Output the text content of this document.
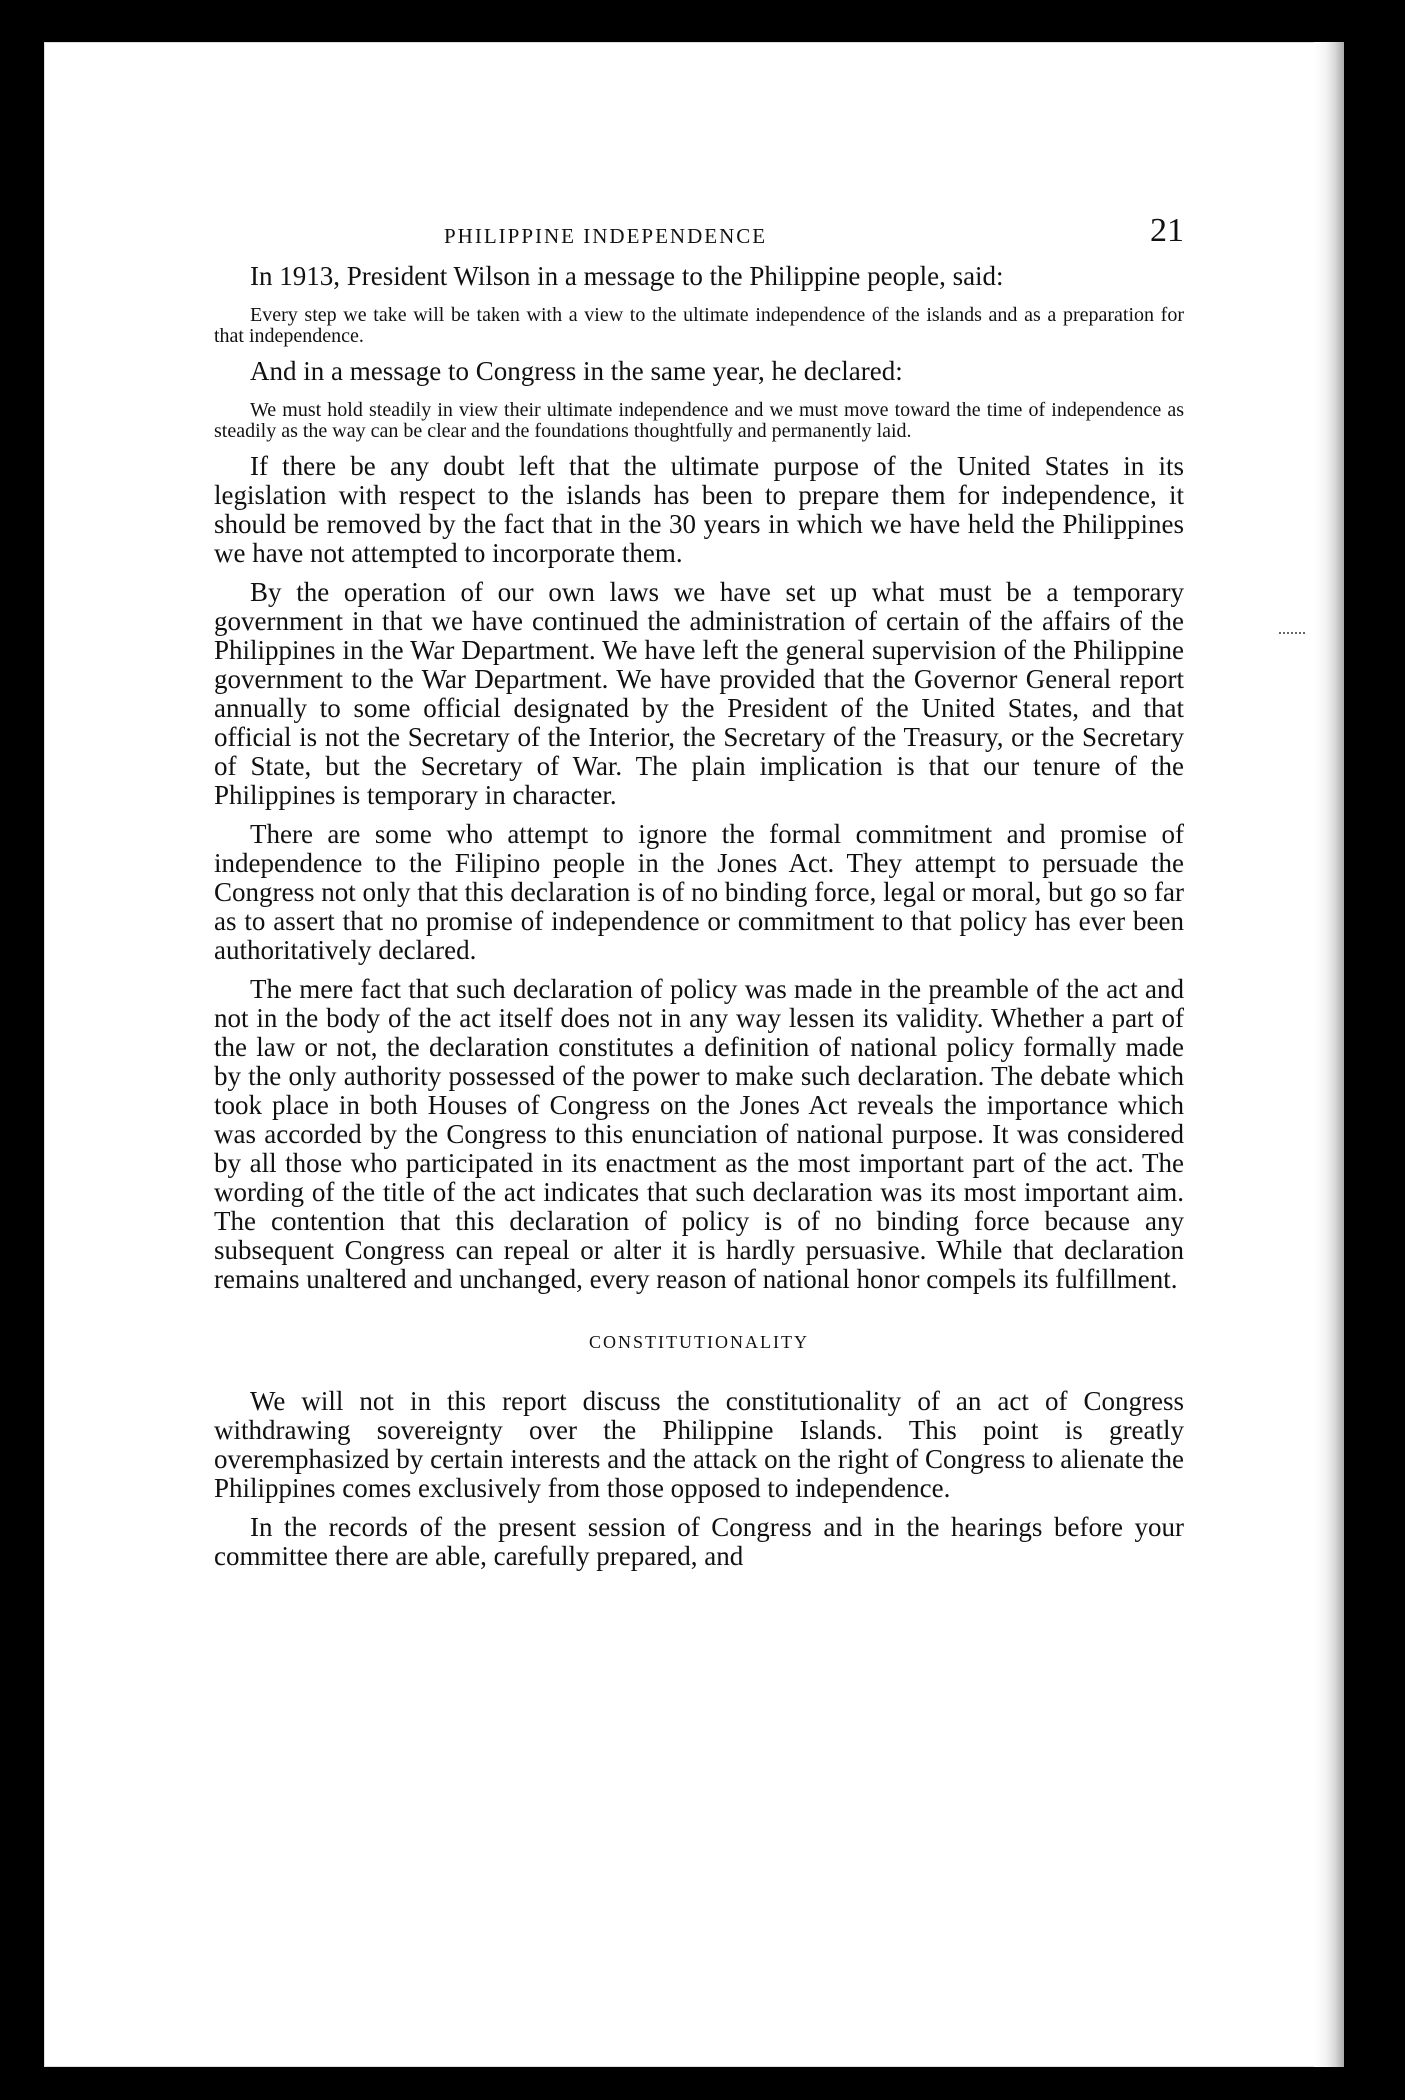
PHILIPPINE INDEPENDENCE	21

In 1913, President Wilson in a message to the Philippine people, said:

Every step we take will be taken with a view to the ultimate independence of the islands and as a preparation for that independence.

And in a message to Congress in the same year, he declared:

We must hold steadily in view their ultimate independence and we must move toward the time of independence as steadily as the way can be clear and the foundations thoughtfully and permanently laid.

If there be any doubt left that the ultimate purpose of the United States in its legislation with respect to the islands has been to prepare them for independence, it should be removed by the fact that in the 30 years in which we have held the Philippines we have not attempted to incorporate them.

By the operation of our own laws we have set up what must be a temporary government in that we have continued the administration of certain of the affairs of the Philippines in the War Department. We have left the general supervision of the Philippine government to the War Department. We have provided that the Governor General report annually to some official designated by the President of the United States, and that official is not the Secretary of the Interior, the Secretary of the Treasury, or the Secretary of State, but the Secretary of War. The plain implication is that our tenure of the Philippines is temporary in character.

There are some who attempt to ignore the formal commitment and promise of independence to the Filipino people in the Jones Act. They attempt to persuade the Congress not only that this declaration is of no binding force, legal or moral, but go so far as to assert that no promise of independence or commitment to that policy has ever been authoritatively declared.

The mere fact that such declaration of policy was made in the preamble of the act and not in the body of the act itself does not in any way lessen its validity. Whether a part of the law or not, the declaration constitutes a definition of national policy formally made by the only authority possessed of the power to make such declaration. The debate which took place in both Houses of Congress on the Jones Act reveals the importance which was accorded by the Congress to this enunciation of national purpose. It was considered by all those who participated in its enactment as the most important part of the act. The wording of the title of the act indicates that such declaration was its most important aim. The contention that this declaration of policy is of no binding force because any subsequent Congress can repeal or alter it is hardly persuasive. While that declaration remains unaltered and unchanged, every reason of national honor compels its fulfillment.

CONSTITUTIONALITY

We will not in this report discuss the constitutionality of an act of Congress withdrawing sovereignty over the Philippine Islands. This point is greatly overemphasized by certain interests and the attack on the right of Congress to alienate the Philippines comes exclusively from those opposed to independence.

In the records of the present session of Congress and in the hearings before your committee there are able, carefully prepared, and
